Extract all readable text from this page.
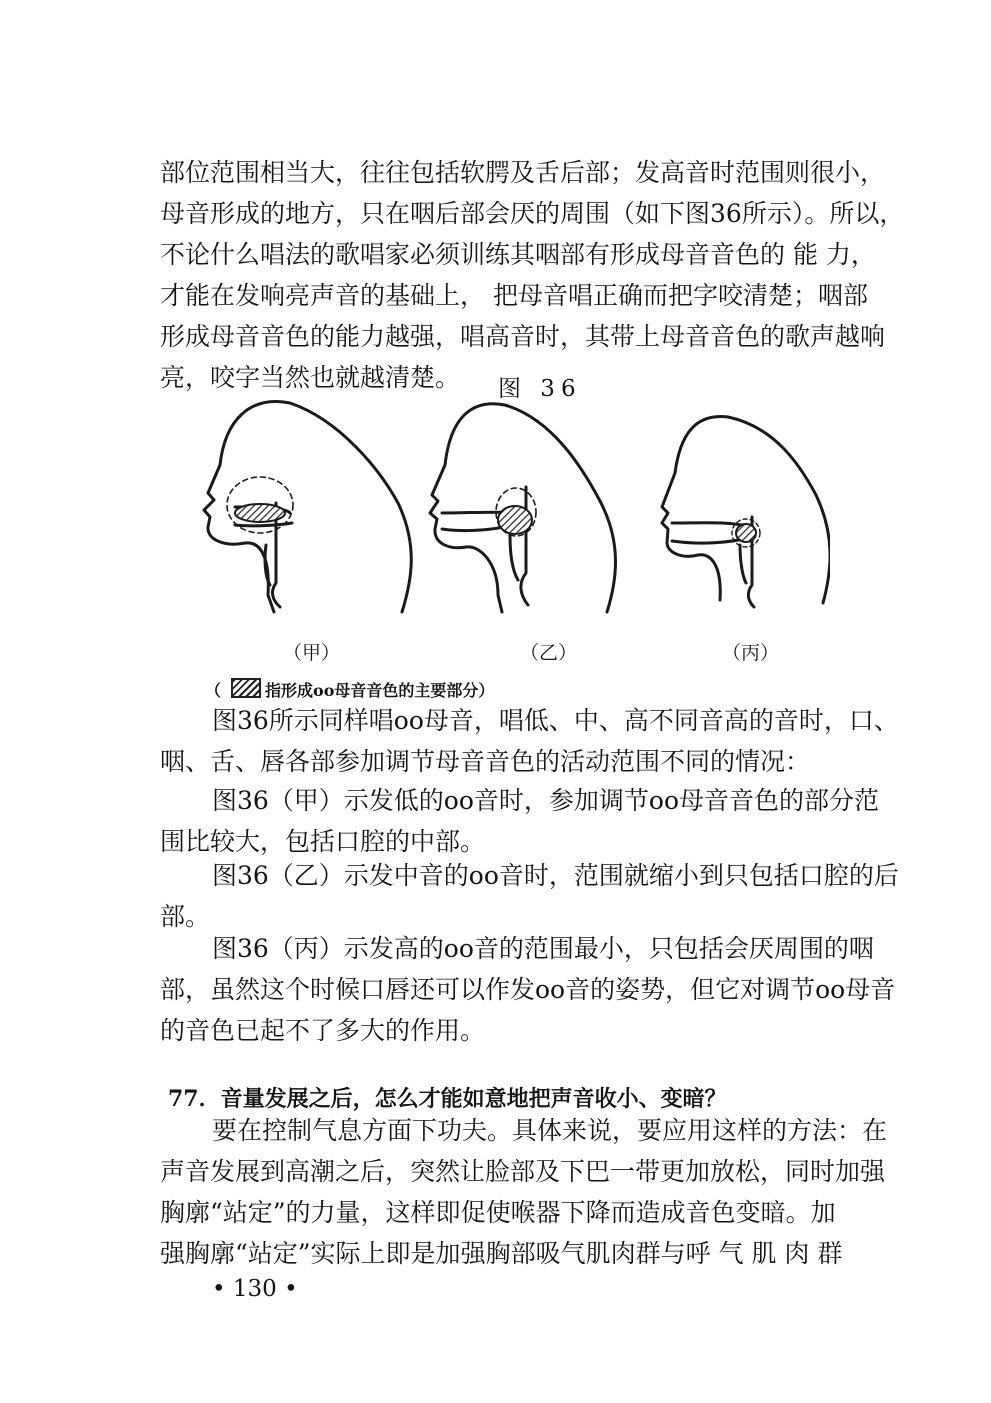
部位范围相当大，往往包括软腭及舌后部；发高音时范围则很小，
母音形成的地方，只在咽后部会厌的周围（如下图36所示）。所以，
不论什么唱法的歌唱家必须训练其咽部有形成母音音色的 能 力，
才能在发响亮声音的基础上， 把母音唱正确而把字咬清楚；咽部
形成母音音色的能力越强，唱高音时，其带上母音音色的歌声越响
亮，咬字当然也就越清楚。	图 36

（甲）	（乙）	（丙）

（	指形成oo母音音色的主要部分）

图36所示同样唱oo母音，唱低、中、高不同音高的音时，口、
咽、舌、唇各部参加调节母音音色的活动范围不同的情况：
图36（甲）示发低的oo音时，参加调节oo母音音色的部分范
围比较大，包括口腔的中部。
图36（乙）示发中音的oo音时，范围就缩小到只包括口腔的后
部。
图36（丙）示发高的oo音的范围最小，只包括会厌周围的咽
部，虽然这个时候口唇还可以作发oo音的姿势，但它对调节oo母音
的音色已起不了多大的作用。

77．音量发展之后，怎么才能如意地把声音收小、变暗？

要在控制气息方面下功夫。具体来说，要应用这样的方法：在
声音发展到高潮之后，突然让脸部及下巴一带更加放松，同时加强
胸廓“站定”的力量，这样即促使喉器下降而造成音色变暗。加
强胸廓“站定”实际上即是加强胸部吸气肌肉群与呼 气 肌 肉 群

• 130 •
